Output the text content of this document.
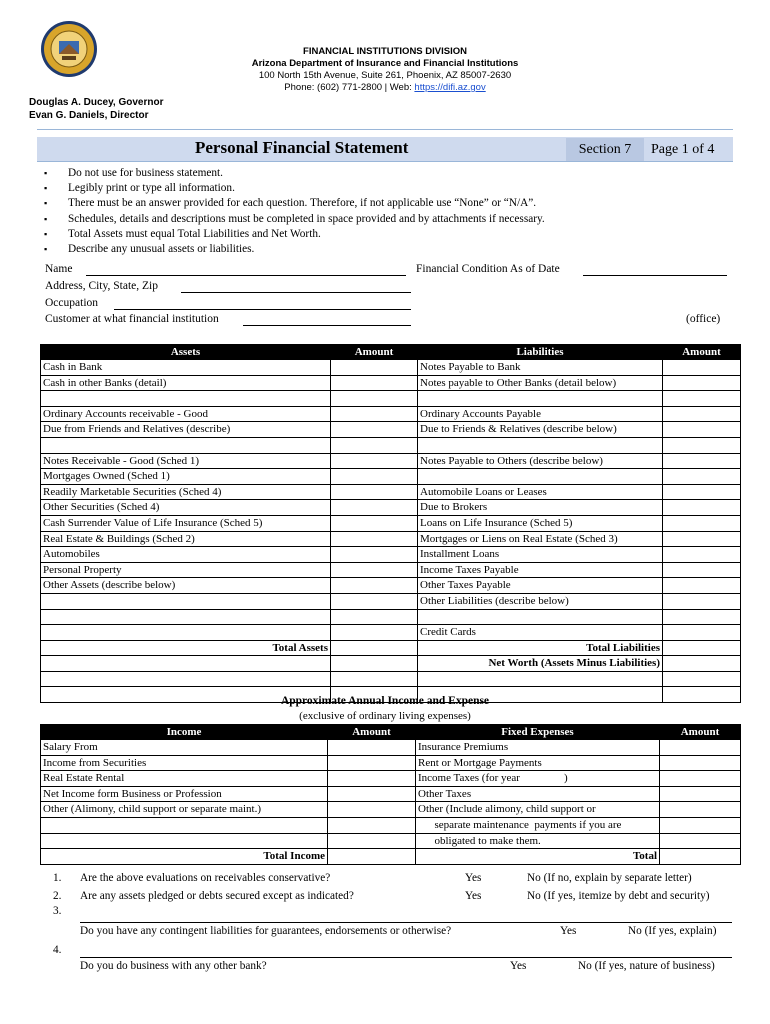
FINANCIAL INSTITUTIONS DIVISION
Arizona Department of Insurance and Financial Institutions
100 North 15th Avenue, Suite 261, Phoenix, AZ 85007-2630
Phone: (602) 771-2800 | Web: https://difi.az.gov
Douglas A. Ducey, Governor
Evan G. Daniels, Director
Personal Financial Statement	Section 7	Page 1 of 4
▪ Do not use for business statement.
▪ Legibly print or type all information.
▪ There must be an answer provided for each question. Therefore, if not applicable use “None” or “N/A”.
▪ Schedules, details and descriptions must be completed in space provided and by attachments if necessary.
▪ Total Assets must equal Total Liabilities and Net Worth.
▪ Describe any unusual assets or liabilities.
Name	Financial Condition As of Date
Address, City, State, Zip
Occupation
Customer at what financial institution	(office)
Assets	Amount	Liabilities	Amount
Cash in Bank		Notes Payable to Bank	
Cash in other Banks (detail)		Notes payable to Other Banks (detail below)	

Ordinary Accounts receivable - Good		Ordinary Accounts Payable	
Due from Friends and Relatives (describe)		Due to Friends & Relatives (describe below)	

Notes Receivable - Good (Sched 1)		Notes Payable to Others (describe below)	
Mortgages Owned (Sched 1)			
Readily Marketable Securities (Sched 4)		Automobile Loans or Leases	
Other Securities (Sched 4)		Due to Brokers	
Cash Surrender Value of Life Insurance (Sched 5)		Loans on Life Insurance (Sched 5)	
Real Estate & Buildings (Sched 2)		Mortgages or Liens on Real Estate (Sched 3)	
Automobiles		Installment Loans	
Personal Property		Income Taxes Payable	
Other Assets (describe below)		Other Taxes Payable	
		Other Liabilities (describe below)	

		Credit Cards	
Total Assets		Total Liabilities	
		Net Worth (Assets Minus Liabilities)	

Approximate Annual Income and Expense
(exclusive of ordinary living expenses)
Income	Amount	Fixed Expenses	Amount
Salary From		Insurance Premiums	
Income from Securities		Rent or Mortgage Payments	
Real Estate Rental		Income Taxes (for year                )	
Net Income form Business or Profession		Other Taxes	
Other (Alimony, child support or separate maint.)		Other (Include alimony, child support or	
		separate maintenance  payments if you are	
		obligated to make them.	
Total Income		Total	
1. Are the above evaluations on receivables conservative?	Yes	No (If no, explain by separate letter)
2. Are any assets pledged or debts secured except as indicated?	Yes	No (If yes, itemize by debt and security)
3.
Do you have any contingent liabilities for guarantees, endorsements or otherwise?	Yes	No (If yes, explain)
4.
Do you do business with any other bank?	Yes	No (If yes, nature of business)
